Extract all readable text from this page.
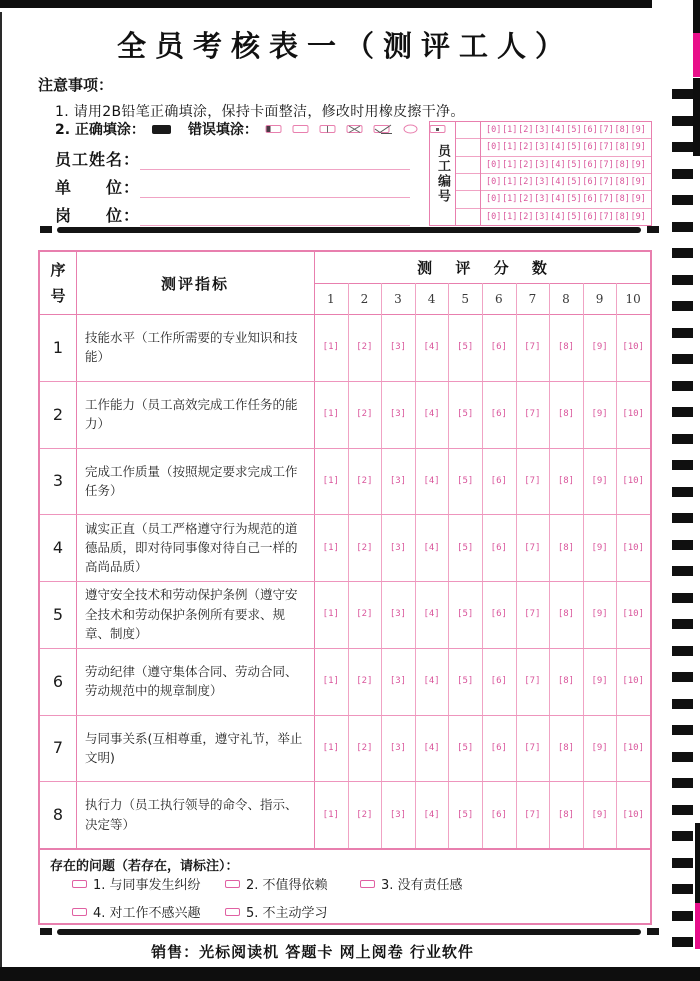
全员考核表一（测评工人）
注意事项：
1. 请用2B铅笔正确填涂，保持卡面整洁，修改时用橡皮擦干净。
2. 正确填涂：	错误填涂：
员工姓名：
单　　位：
岗　　位：
员工编号
[0] [1] [2] [3] [4] [5] [6] [7] [8] [9]
[0] [1] [2] [3] [4] [5] [6] [7] [8] [9]
[0] [1] [2] [3] [4] [5] [6] [7] [8] [9]
[0] [1] [2] [3] [4] [5] [6] [7] [8] [9]
[0] [1] [2] [3] [4] [5] [6] [7] [8] [9]
[0] [1] [2] [3] [4] [5] [6] [7] [8] [9]
序号
测评指标
测 评 分 数
1	2	3	4	5	6	7	8	9	10
1
技能水平（工作所需要的专业知识和技能）
[1] [2] [3] [4] [5] [6] [7] [8] [9] [10]
2
工作能力（员工高效完成工作任务的能力）
[1] [2] [3] [4] [5] [6] [7] [8] [9] [10]
3
完成工作质量（按照规定要求完成工作任务）
[1] [2] [3] [4] [5] [6] [7] [8] [9] [10]
4
诚实正直（员工严格遵守行为规范的道德品质，即对待同事像对待自己一样的高尚品质）
[1] [2] [3] [4] [5] [6] [7] [8] [9] [10]
5
遵守安全技术和劳动保护条例（遵守安全技术和劳动保护条例所有要求、规章、制度）
[1] [2] [3] [4] [5] [6] [7] [8] [9] [10]
6
劳动纪律（遵守集体合同、劳动合同、劳动规范中的规章制度）
[1] [2] [3] [4] [5] [6] [7] [8] [9] [10]
7
与同事关系(互相尊重，遵守礼节，举止文明)
[1] [2] [3] [4] [5] [6] [7] [8] [9] [10]
8
执行力（员工执行领导的命令、指示、决定等）
[1] [2] [3] [4] [5] [6] [7] [8] [9] [10]
存在的问题（若存在，请标注）：
1. 与同事发生纠纷	2. 不值得依赖	3. 没有责任感
4. 对工作不感兴趣	5. 不主动学习
销售：光标阅读机 答题卡 网上阅卷 行业软件
